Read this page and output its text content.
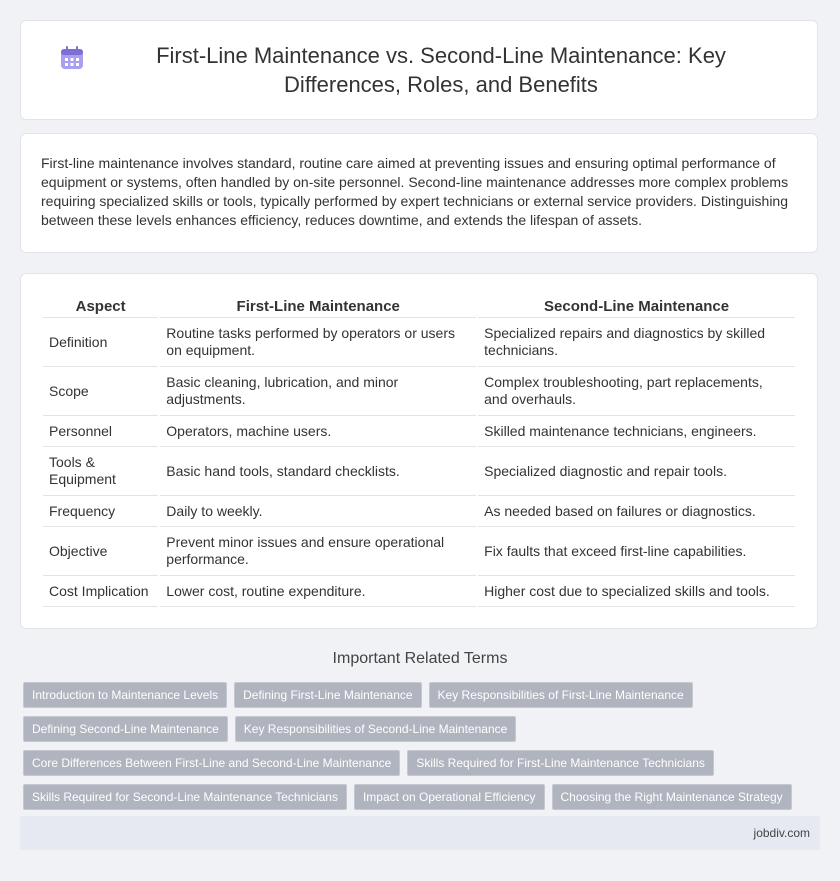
First-Line Maintenance vs. Second-Line Maintenance: Key Differences, Roles, and Benefits

First-line maintenance involves standard, routine care aimed at preventing issues and ensuring optimal performance of equipment or systems, often handled by on-site personnel. Second-line maintenance addresses more complex problems requiring specialized skills or tools, typically performed by expert technicians or external service providers. Distinguishing between these levels enhances efficiency, reduces downtime, and extends the lifespan of assets.

Aspect	First-Line Maintenance	Second-Line Maintenance
Definition	Routine tasks performed by operators or users on equipment.	Specialized repairs and diagnostics by skilled technicians.
Scope	Basic cleaning, lubrication, and minor adjustments.	Complex troubleshooting, part replacements, and overhauls.
Personnel	Operators, machine users.	Skilled maintenance technicians, engineers.
Tools & Equipment	Basic hand tools, standard checklists.	Specialized diagnostic and repair tools.
Frequency	Daily to weekly.	As needed based on failures or diagnostics.
Objective	Prevent minor issues and ensure operational performance.	Fix faults that exceed first-line capabilities.
Cost Implication	Lower cost, routine expenditure.	Higher cost due to specialized skills and tools.
Important Related Terms
Introduction to Maintenance Levels	Defining First-Line Maintenance	Key Responsibilities of First-Line Maintenance
Defining Second-Line Maintenance	Key Responsibilities of Second-Line Maintenance
Core Differences Between First-Line and Second-Line Maintenance	Skills Required for First-Line Maintenance Technicians
Skills Required for Second-Line Maintenance Technicians	Impact on Operational Efficiency	Choosing the Right Maintenance Strategy
jobdiv.com
